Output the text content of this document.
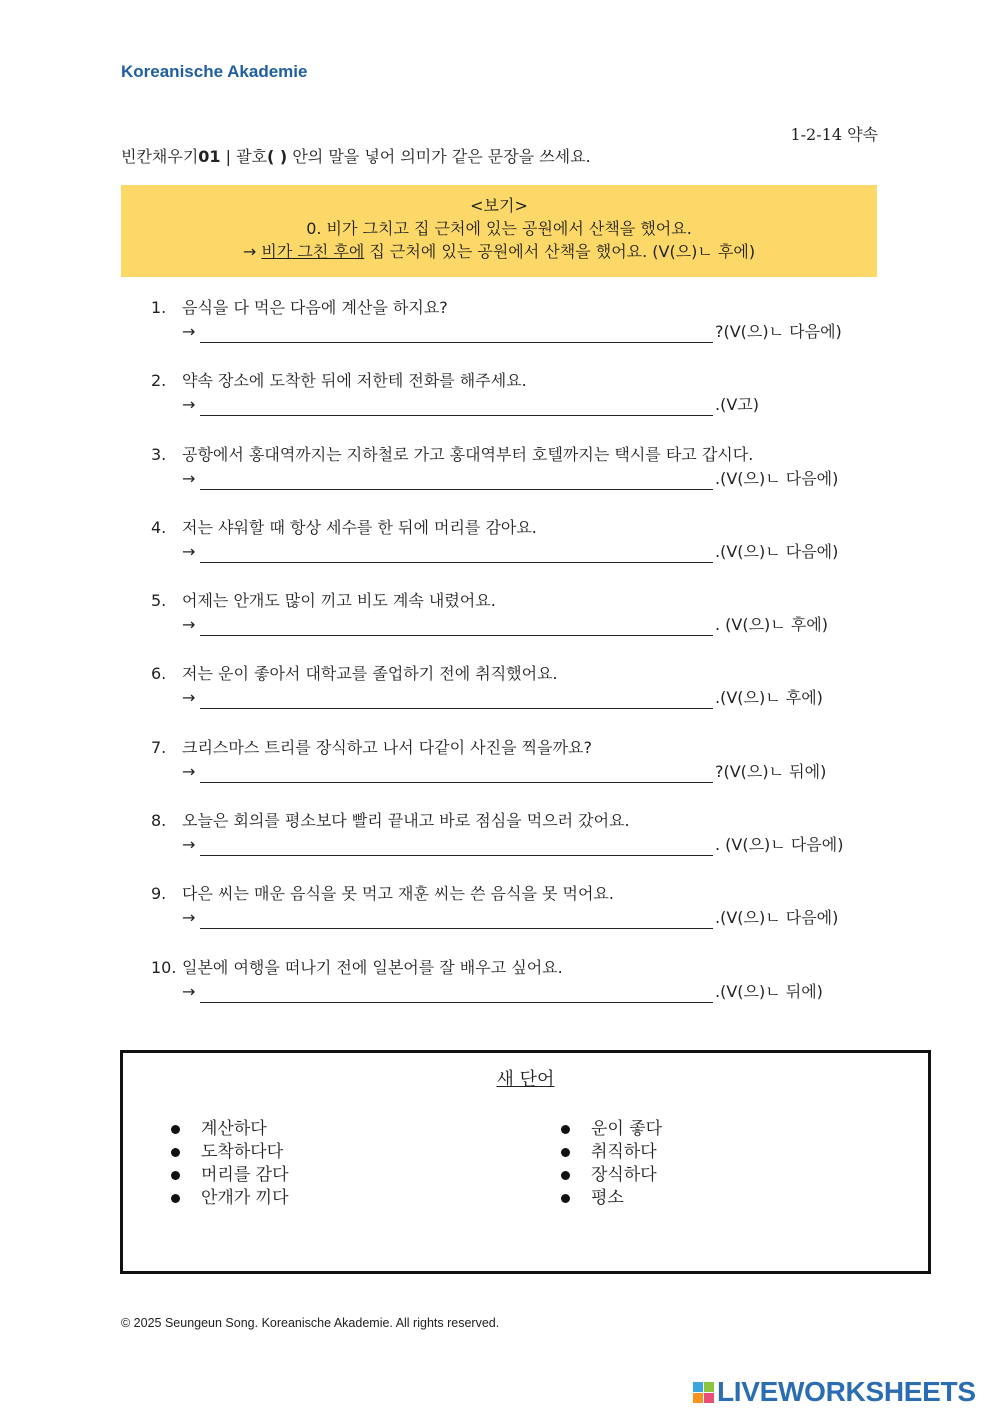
Koreanische Akademie
1-2-14 약속
빈칸채우기01 | 괄호( ) 안의 말을 넣어 의미가 같은 문장을 쓰세요.
<보기>
0. 비가 그치고 집 근처에 있는 공원에서 산책을 했어요.
→ 비가 그친 후에 집 근처에 있는 공원에서 산책을 했어요. (V(으)ㄴ 후에)
1. 음식을 다 먹은 다음에 계산을 하지요?
→	?(V(으)ㄴ 다음에)
2. 약속 장소에 도착한 뒤에 저한테 전화를 해주세요.
→	.(V고)
3. 공항에서 홍대역까지는 지하철로 가고 홍대역부터 호텔까지는 택시를 타고 갑시다.
→	.(V(으)ㄴ 다음에)
4. 저는 샤워할 때 항상 세수를 한 뒤에 머리를 감아요.
→	.(V(으)ㄴ 다음에)
5. 어제는 안개도 많이 끼고 비도 계속 내렸어요.
→	. (V(으)ㄴ 후에)
6. 저는 운이 좋아서 대학교를 졸업하기 전에 취직했어요.
→	.(V(으)ㄴ 후에)
7. 크리스마스 트리를 장식하고 나서 다같이 사진을 찍을까요?
→	?(V(으)ㄴ 뒤에)
8. 오늘은 회의를 평소보다 빨리 끝내고 바로 점심을 먹으러 갔어요.
→	. (V(으)ㄴ 다음에)
9. 다은 씨는 매운 음식을 못 먹고 재훈 씨는 쓴 음식을 못 먹어요.
→	.(V(으)ㄴ 다음에)
10. 일본에 여행을 떠나기 전에 일본어를 잘 배우고 싶어요.
→	.(V(으)ㄴ 뒤에)
새 단어
계산하다
도착하다다
머리를 감다
안개가 끼다
운이 좋다
취직하다
장식하다
평소
© 2025 Seungeun Song. Koreanische Akademie. All rights reserved.
LIVEWORKSHEETS
